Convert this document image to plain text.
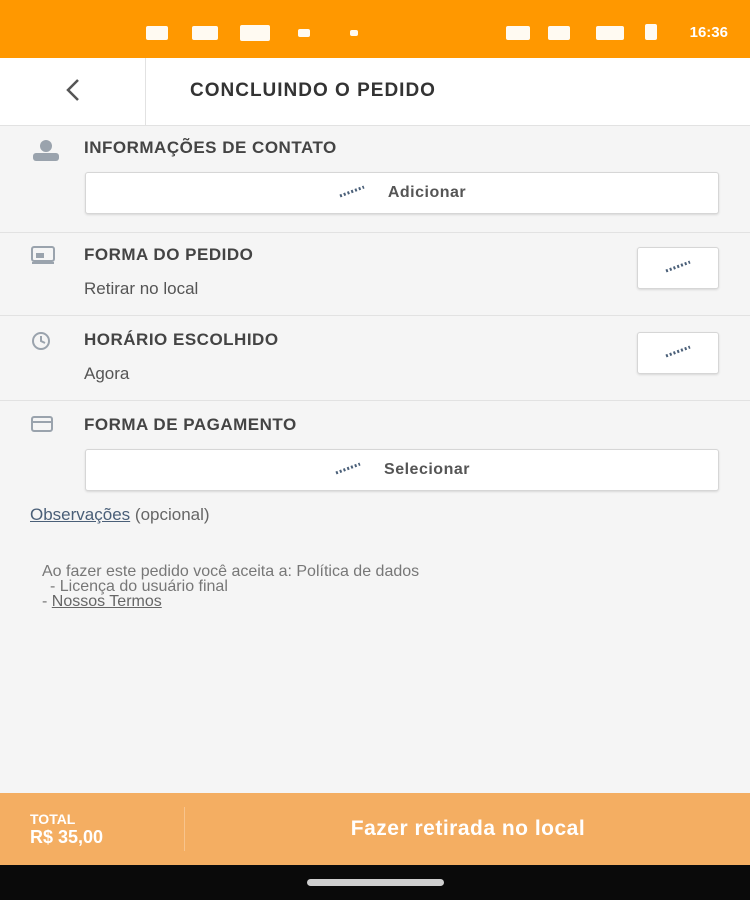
16:36
CONCLUINDO O PEDIDO
INFORMAÇÕES DE CONTATO
Adicionar
FORMA DO PEDIDO
Retirar no local
HORÁRIO ESCOLHIDO
Agora
FORMA DE PAGAMENTO
Selecionar
Observações (opcional)
Ao fazer este pedido você aceita a: Política de dados
- Licença do usuário final
- Nossos Termos
TOTAL
R$ 35,00	Fazer retirada no local
